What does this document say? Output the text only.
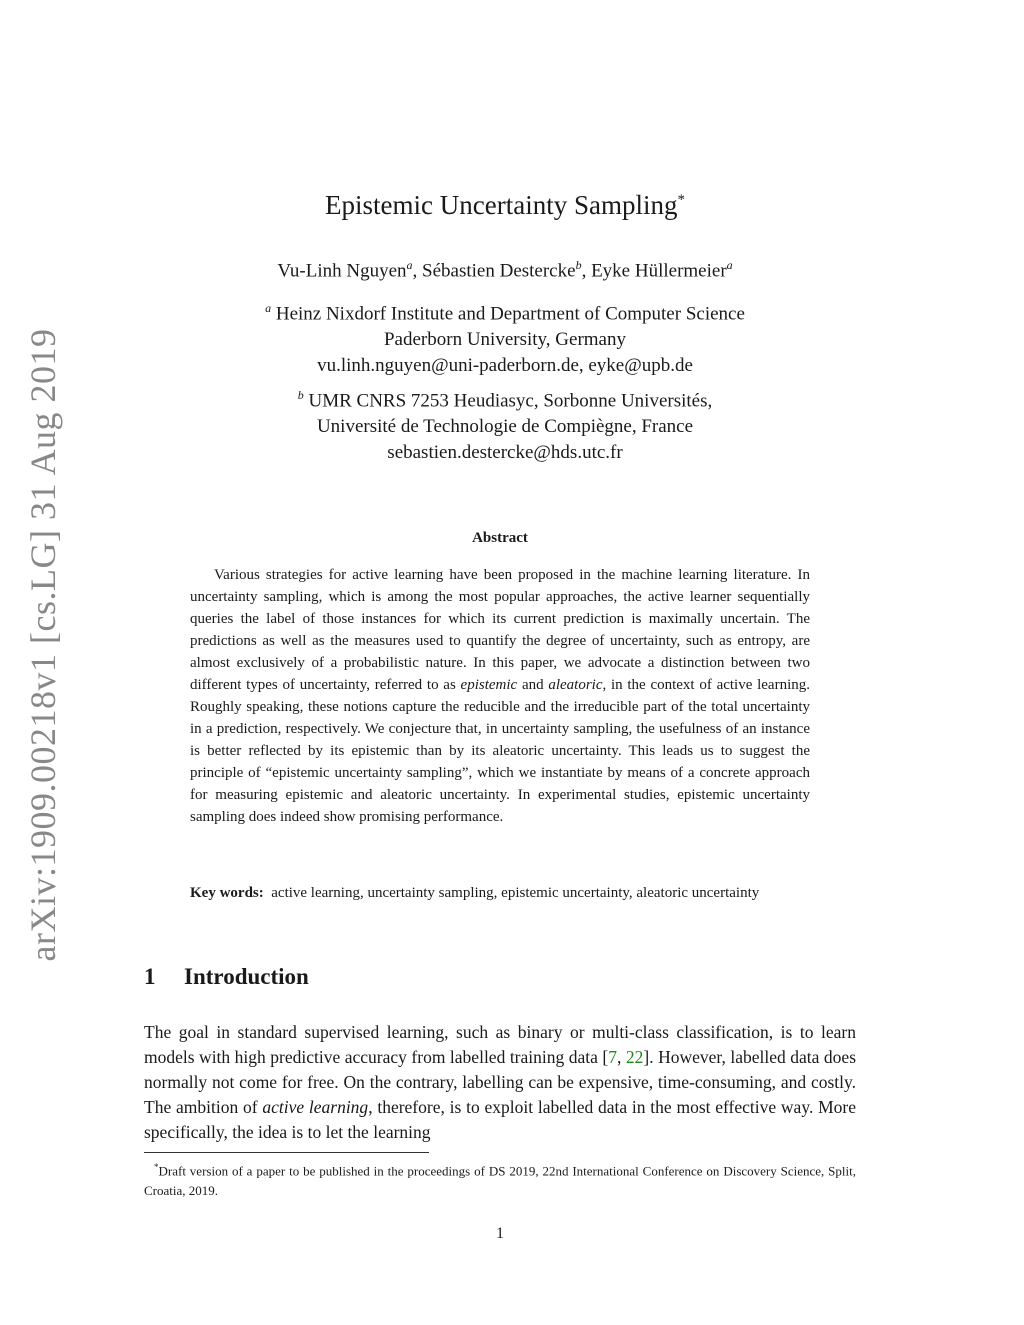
arXiv:1909.00218v1 [cs.LG] 31 Aug 2019
Epistemic Uncertainty Sampling*
Vu-Linh Nguyen$^a$, Sébastien Destercke$^b$, Eyke Hüllermeier$^a$
$^a$ Heinz Nixdorf Institute and Department of Computer Science
Paderborn University, Germany
vu.linh.nguyen@uni-paderborn.de, eyke@upb.de
$^b$ UMR CNRS 7253 Heudiasyc, Sorbonne Universités,
Université de Technologie de Compiègne, France
sebastien.destercke@hds.utc.fr
Abstract
Various strategies for active learning have been proposed in the machine learning literature. In uncertainty sampling, which is among the most popular approaches, the active learner sequentially queries the label of those instances for which its current prediction is maximally uncertain. The predictions as well as the measures used to quantify the degree of uncertainty, such as entropy, are almost exclusively of a probabilistic nature. In this paper, we advocate a distinction between two different types of uncertainty, referred to as epistemic and aleatoric, in the context of active learning. Roughly speaking, these notions capture the reducible and the irreducible part of the total uncertainty in a prediction, respectively. We conjecture that, in uncertainty sampling, the usefulness of an instance is better reflected by its epistemic than by its aleatoric uncertainty. This leads us to suggest the principle of “epistemic uncertainty sampling”, which we instantiate by means of a concrete approach for measuring epistemic and aleatoric uncertainty. In experimental studies, epistemic uncertainty sampling does indeed show promising performance.
Key words: active learning, uncertainty sampling, epistemic uncertainty, aleatoric uncertainty
1 Introduction
The goal in standard supervised learning, such as binary or multi-class classification, is to learn models with high predictive accuracy from labelled training data [7, 22]. However, labelled data does normally not come for free. On the contrary, labelling can be expensive, time-consuming, and costly. The ambition of active learning, therefore, is to exploit labelled data in the most effective way. More specifically, the idea is to let the learning
*Draft version of a paper to be published in the proceedings of DS 2019, 22nd International Conference on Discovery Science, Split, Croatia, 2019.
1
